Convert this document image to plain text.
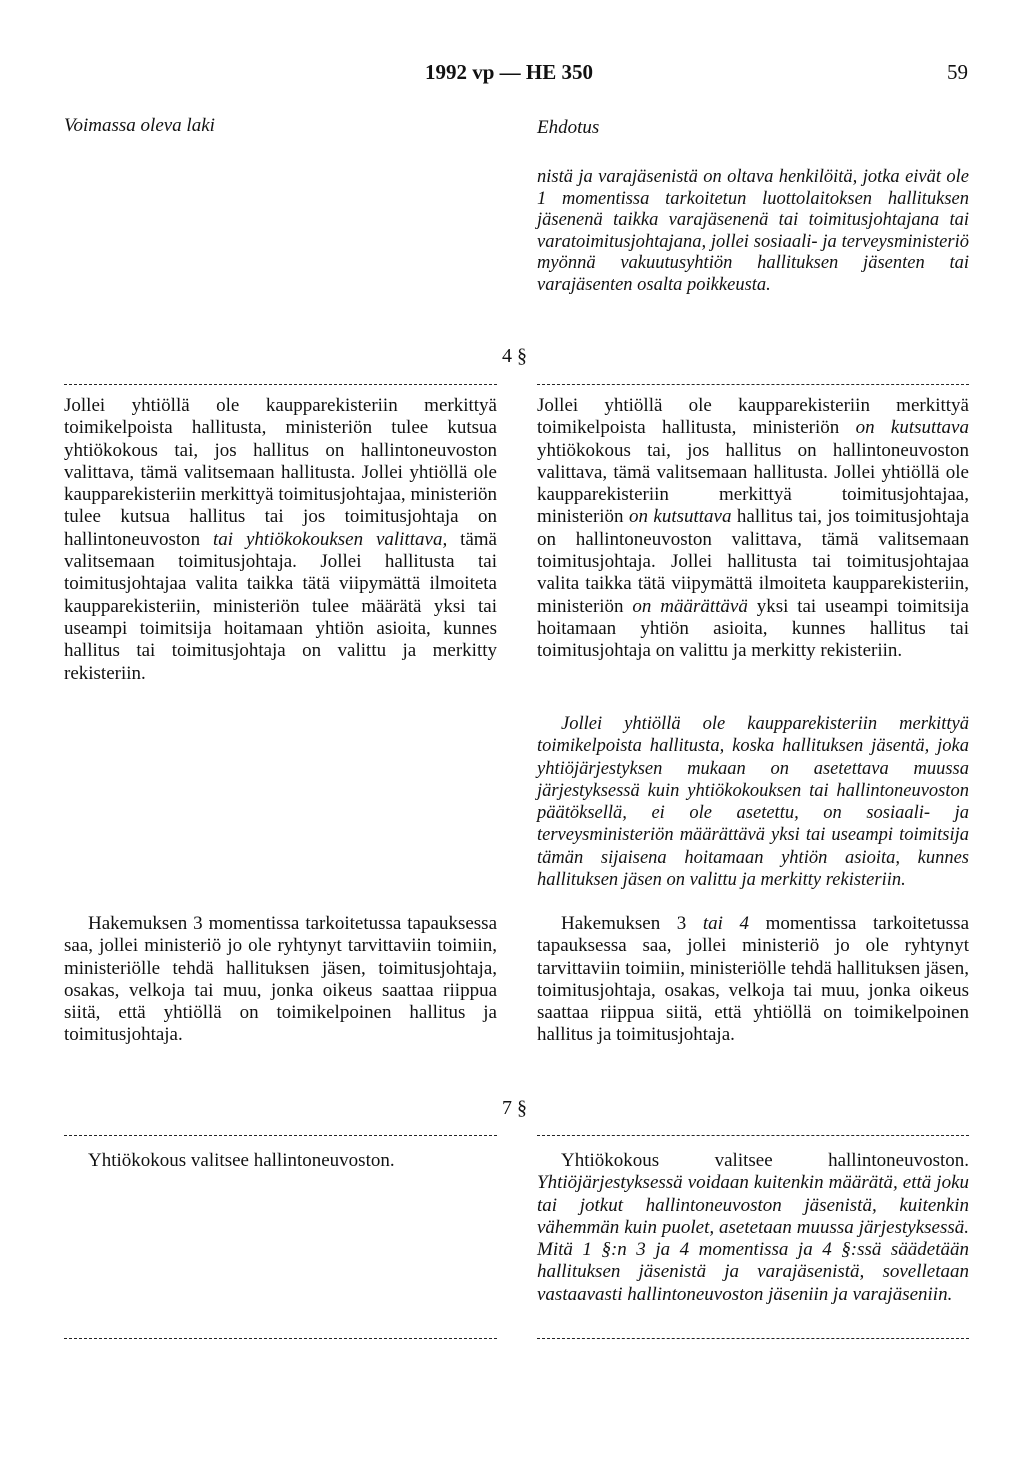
1992 vp — HE 350	59
Voimassa oleva laki	Ehdotus

nistä ja varajäsenistä on oltava henkilöitä, jotka eivät ole 1 momentissa tarkoitetun luottolaitoksen hallituksen jäsenenä taikka varajäsenenä tai toimitusjohtajana tai varatoimitusjohtajana, jollei sosiaali- ja terveysministeriö myönnä vakuutusyhtiön hallituksen jäsenten tai varajäsenten osalta poikkeusta.

4 §

Jollei yhtiöllä ole kaupparekisteriin merkittyä toimikelpoista hallitusta, ministeriön tulee kutsua yhtiökokous tai, jos hallitus on hallintoneuvoston valittava, tämä valitsemaan hallitusta. Jollei yhtiöllä ole kaupparekisteriin merkittyä toimitusjohtajaa, ministeriön tulee kutsua hallitus tai jos toimitusjohtaja on hallintoneuvoston tai yhtiökokouksen valittava, tämä valitsemaan toimitusjohtaja. Jollei hallitusta tai toimitusjohtajaa valita taikka tätä viipymättä ilmoiteta kaupparekisteriin, ministeriön tulee määrätä yksi tai useampi toimitsija hoitamaan yhtiön asioita, kunnes hallitus tai toimitusjohtaja on valittu ja merkitty rekisteriin.

Jollei yhtiöllä ole kaupparekisteriin merkittyä toimikelpoista hallitusta, ministeriön on kutsuttava yhtiökokous tai, jos hallitus on hallintoneuvoston valittava, tämä valitsemaan hallitusta. Jollei yhtiöllä ole kaupparekisteriin merkittyä toimitusjohtajaa, ministeriön on kutsuttava hallitus tai, jos toimitusjohtaja on hallintoneuvoston valittava, tämä valitsemaan toimitusjohtaja. Jollei hallitusta tai toimitusjohtajaa valita taikka tätä viipymättä ilmoiteta kaupparekisteriin, ministeriön on määrättävä yksi tai useampi toimitsija hoitamaan yhtiön asioita, kunnes hallitus tai toimitusjohtaja on valittu ja merkitty rekisteriin.

Jollei yhtiöllä ole kaupparekisteriin merkittyä toimikelpoista hallitusta, koska hallituksen jäsentä, joka yhtiöjärjestyksen mukaan on asetettava muussa järjestyksessä kuin yhtiökokouksen tai hallintoneuvoston päätöksellä, ei ole asetettu, on sosiaali- ja terveysministeriön määrättävä yksi tai useampi toimitsija tämän sijaisena hoitamaan yhtiön asioita, kunnes hallituksen jäsen on valittu ja merkitty rekisteriin.

Hakemuksen 3 momentissa tarkoitetussa tapauksessa saa, jollei ministeriö jo ole ryhtynyt tarvittaviin toimiin, ministeriölle tehdä hallituksen jäsen, toimitusjohtaja, osakas, velkoja tai muu, jonka oikeus saattaa riippua siitä, että yhtiöllä on toimikelpoinen hallitus ja toimitusjohtaja.

Hakemuksen 3 tai 4 momentissa tarkoitetussa tapauksessa saa, jollei ministeriö jo ole ryhtynyt tarvittaviin toimiin, ministeriölle tehdä hallituksen jäsen, toimitusjohtaja, osakas, velkoja tai muu, jonka oikeus saattaa riippua siitä, että yhtiöllä on toimikelpoinen hallitus ja toimitusjohtaja.

7 §

Yhtiökokous valitsee hallintoneuvoston.	Yhtiökokous valitsee hallintoneuvoston. Yhtiöjärjestyksessä voidaan kuitenkin määrätä, että joku tai jotkut hallintoneuvoston jäsenistä, kuitenkin vähemmän kuin puolet, asetetaan muussa järjestyksessä. Mitä 1 §:n 3 ja 4 momentissa ja 4 §:ssä säädetään hallituksen jäsenistä ja varajäsenistä, sovelletaan vastaavasti hallintoneuvoston jäseniin ja varajäseniin.
